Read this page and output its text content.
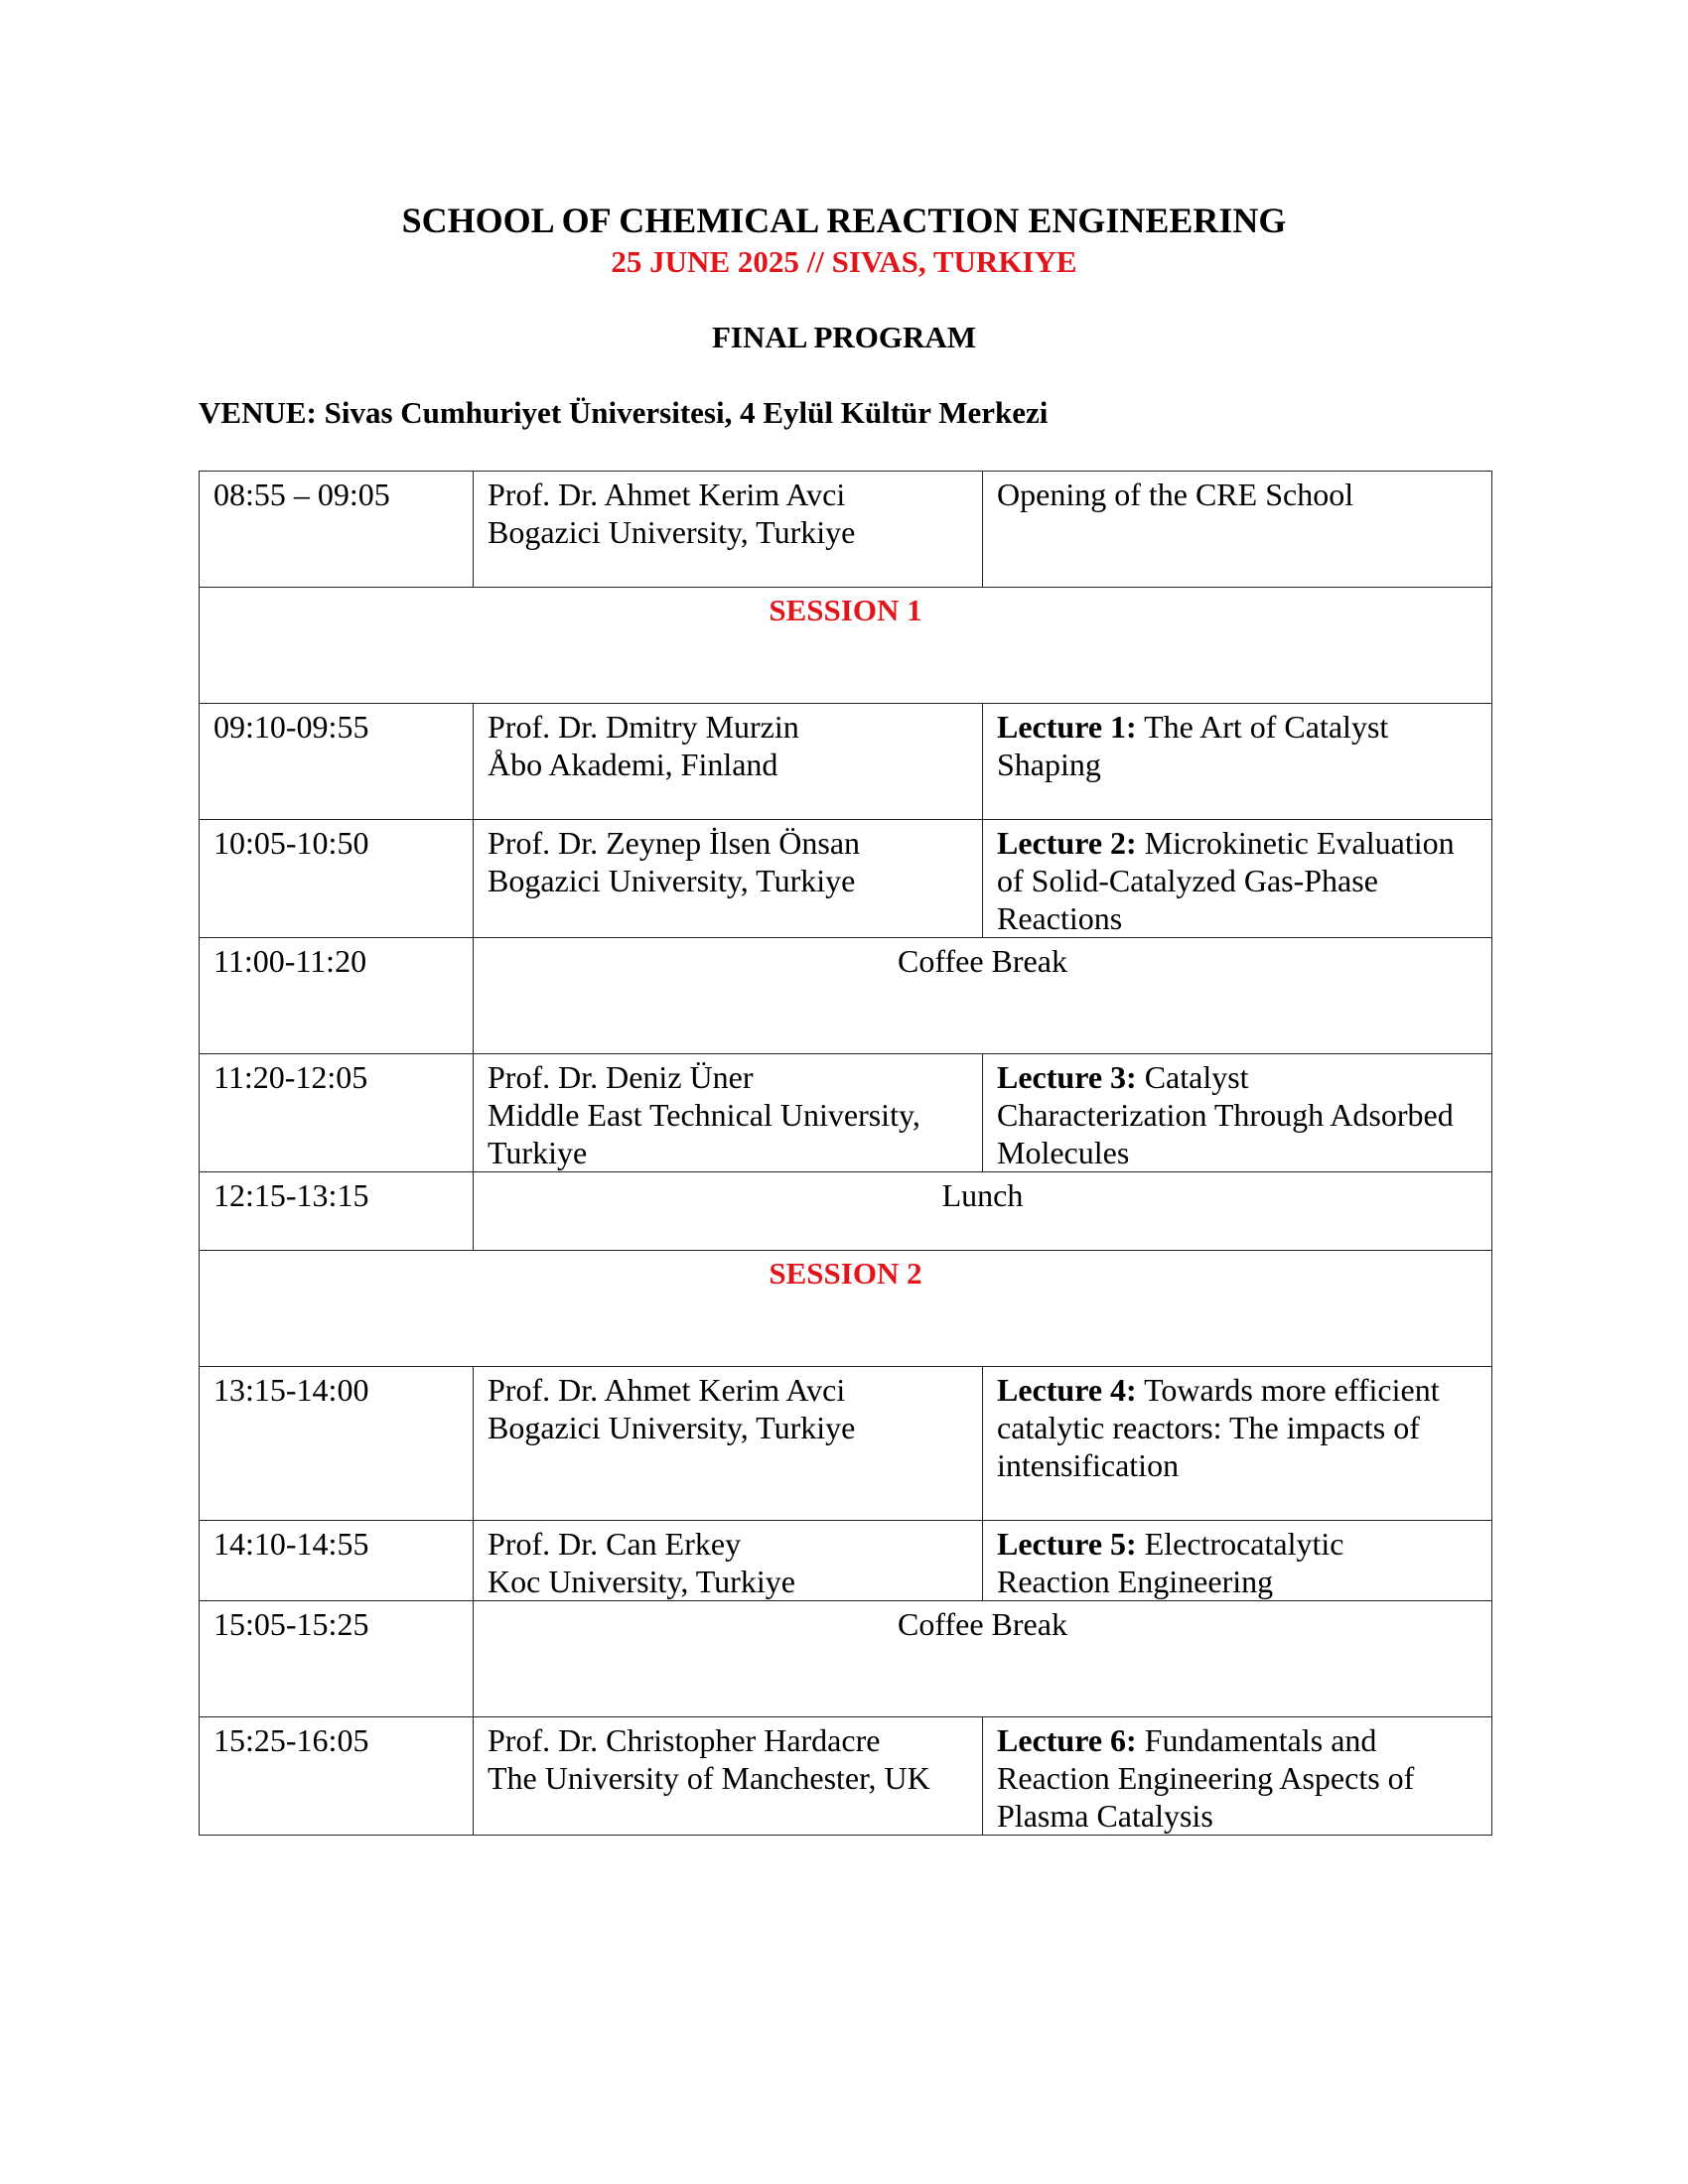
SCHOOL OF CHEMICAL REACTION ENGINEERING
25 JUNE 2025 // SIVAS, TURKIYE
FINAL PROGRAM
VENUE: Sivas Cumhuriyet Üniversitesi, 4 Eylül Kültür Merkezi
08:55 – 09:05	Prof. Dr. Ahmet Kerim Avci
Bogazici University, Turkiye	Opening of the CRE School
SESSION 1		
09:10-09:55	Prof. Dr. Dmitry Murzin
Åbo Akademi, Finland	Lecture 1: The Art of Catalyst
Shaping

10:05-10:50	Prof. Dr. Zeynep İlsen Önsan
Bogazici University, Turkiye	Lecture 2: Microkinetic Evaluation
of Solid-Catalyzed Gas-Phase
Reactions

11:00-11:20	Coffee Break	
11:20-12:05	Prof. Dr. Deniz Üner
Middle East Technical University,
Turkiye	Lecture 3: Catalyst
Characterization Through Adsorbed
Molecules

12:15-13:15	Lunch	
SESSION 2		
13:15-14:00	Prof. Dr. Ahmet Kerim Avci
Bogazici University, Turkiye	Lecture 4: Towards more efficient
catalytic reactors: The impacts of
intensification

14:10-14:55	Prof. Dr. Can Erkey
Koc University, Turkiye	Lecture 5: Electrocatalytic
Reaction Engineering

15:05-15:25	Coffee Break	
15:25-16:05	Prof. Dr. Christopher Hardacre
The University of Manchester, UK	Lecture 6: Fundamentals and
Reaction Engineering Aspects of
Plasma Catalysis
